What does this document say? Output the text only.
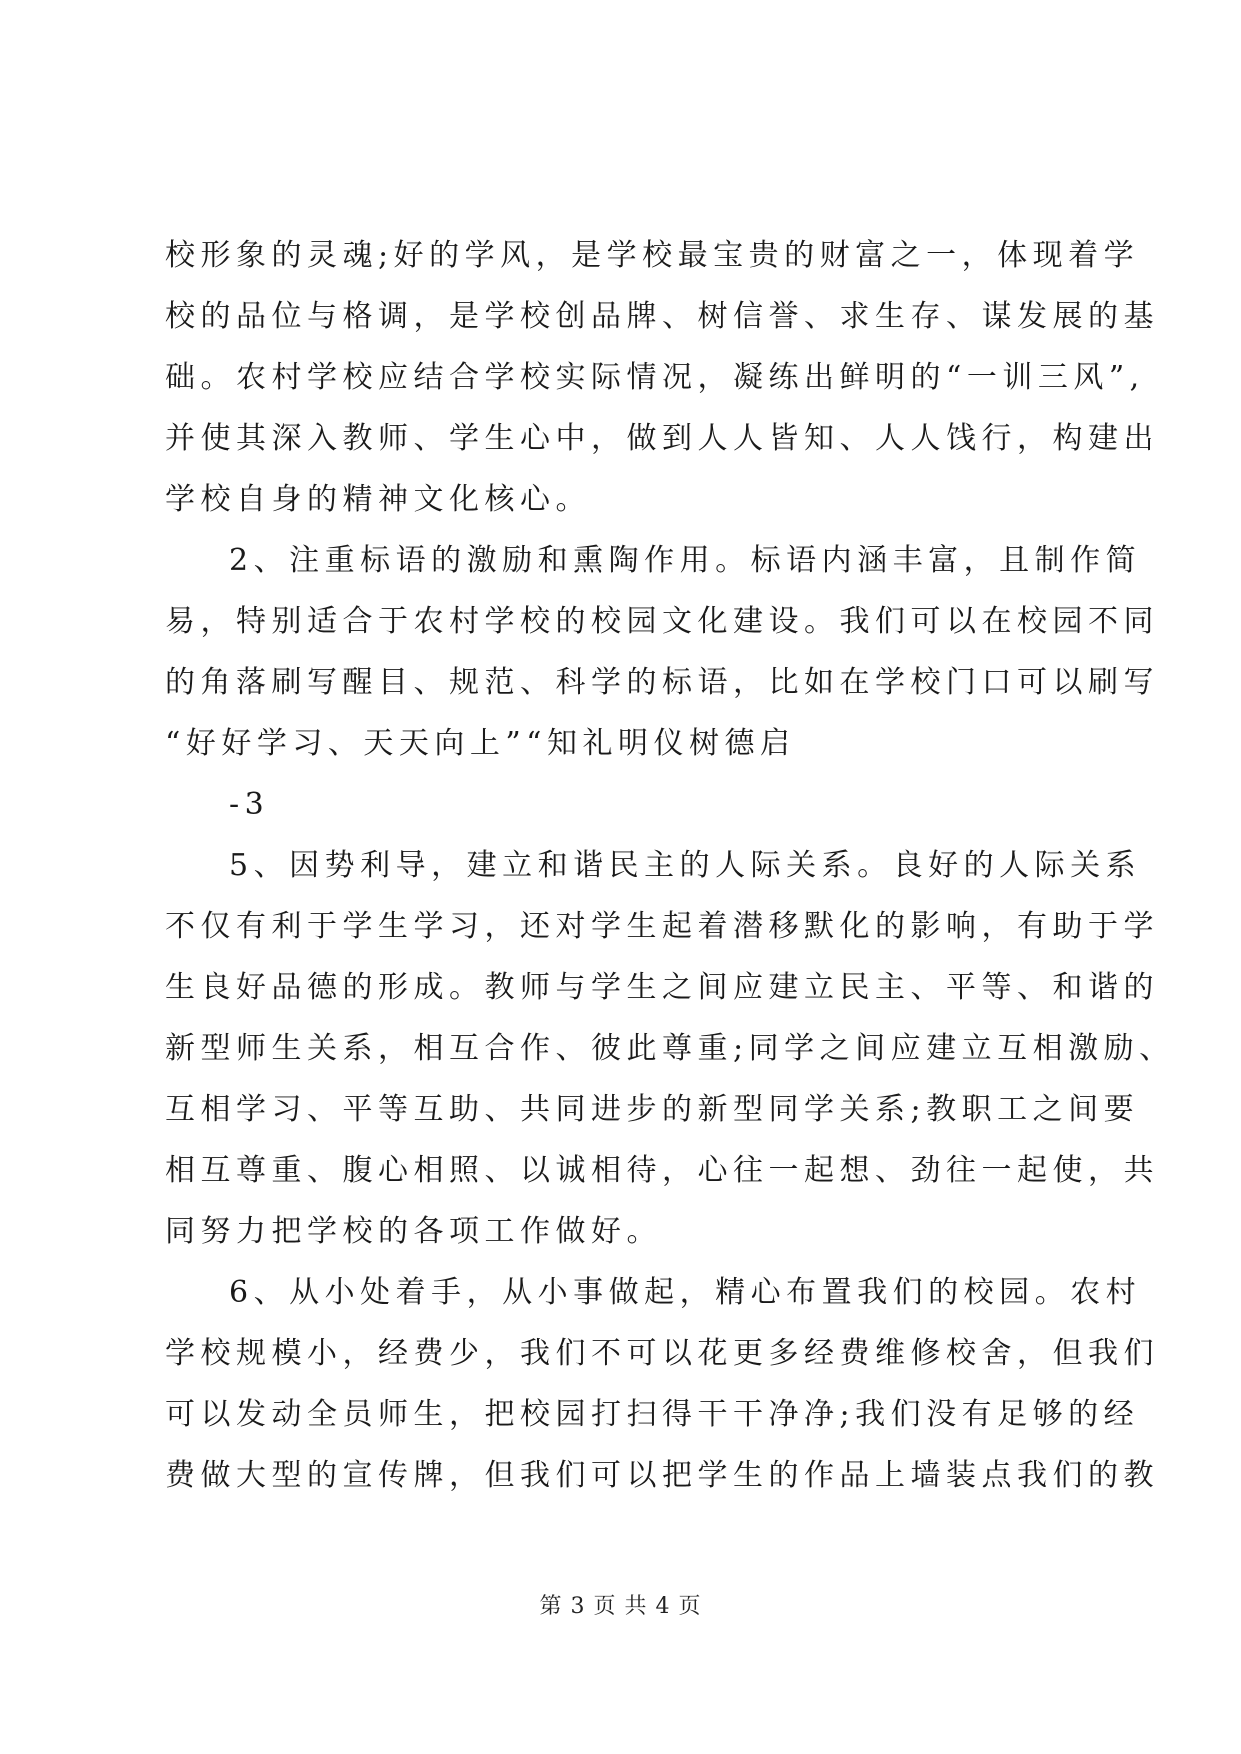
校形象的灵魂;好的学风，是学校最宝贵的财富之一，体现着学
校的品位与格调，是学校创品牌、树信誉、求生存、谋发展的基
础。农村学校应结合学校实际情况，凝练出鲜明的“一训三风”,
并使其深入教师、学生心中，做到人人皆知、人人饯行，构建出
学校自身的精神文化核心。
2、注重标语的激励和熏陶作用。标语内涵丰富，且制作简
易，特别适合于农村学校的校园文化建设。我们可以在校园不同
的角落刷写醒目、规范、科学的标语，比如在学校门口可以刷写
“好好学习、天天向上”“知礼明仪树德启
-3
5、因势利导，建立和谐民主的人际关系。良好的人际关系
不仅有利于学生学习，还对学生起着潜移默化的影响，有助于学
生良好品德的形成。教师与学生之间应建立民主、平等、和谐的
新型师生关系，相互合作、彼此尊重;同学之间应建立互相激励、
互相学习、平等互助、共同进步的新型同学关系;教职工之间要
相互尊重、腹心相照、以诚相待，心往一起想、劲往一起使，共
同努力把学校的各项工作做好。
6、从小处着手，从小事做起，精心布置我们的校园。农村
学校规模小，经费少，我们不可以花更多经费维修校舍，但我们
可以发动全员师生，把校园打扫得干干净净;我们没有足够的经
费做大型的宣传牌，但我们可以把学生的作品上墙装点我们的教
第 3 页 共 4 页
